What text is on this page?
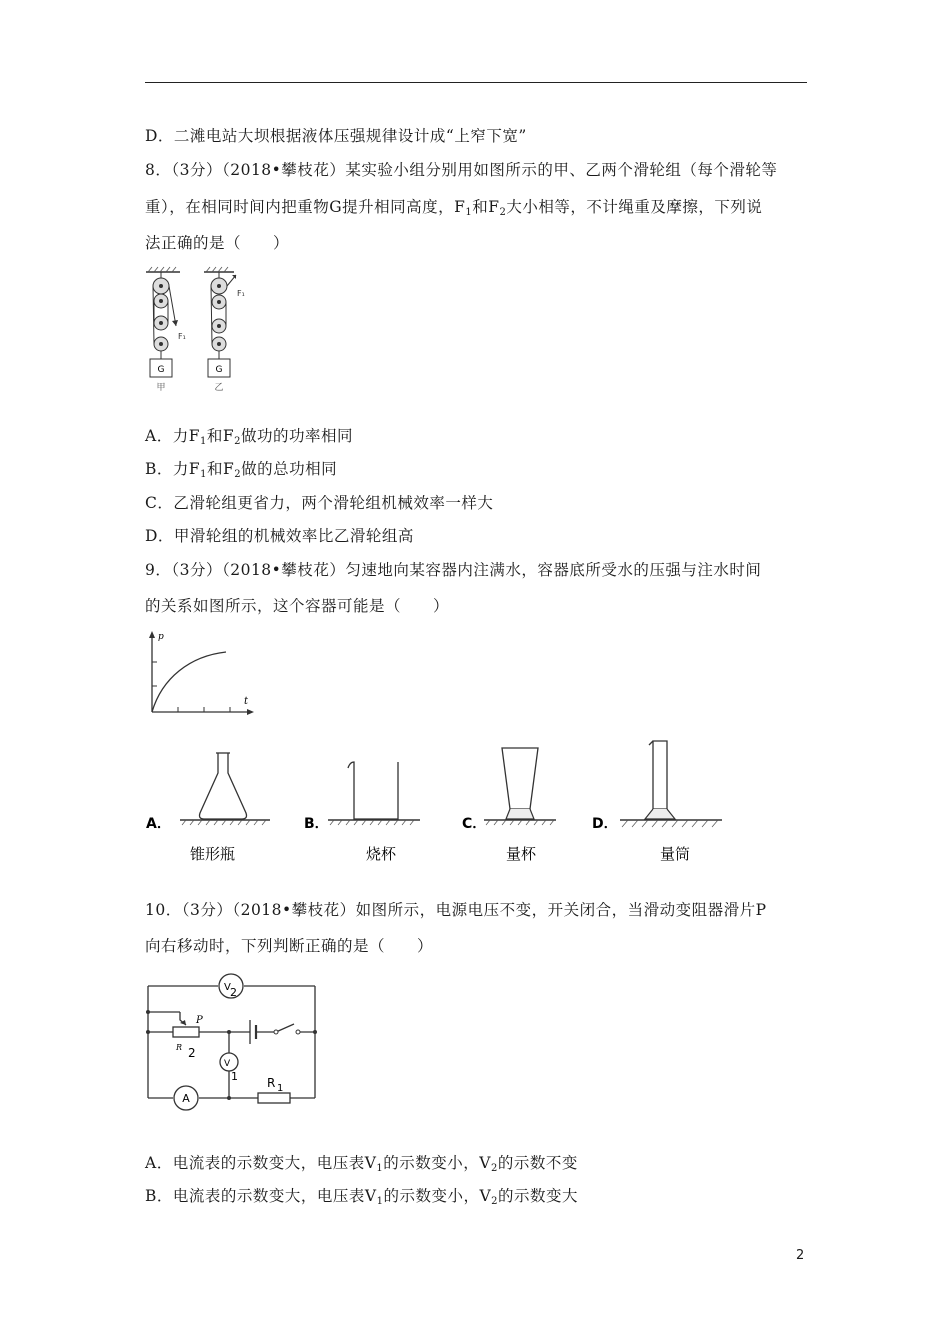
D．二滩电站大坝根据液体压强规律设计成“上窄下宽”
8．（3分）（2018•攀枝花）某实验小组分别用如图所示的甲、乙两个滑轮组（每个滑轮等
重），在相同时间内把重物G提升相同高度，$F_1$和$F_2$大小相等，不计绳重及摩擦，下列说
法正确的是（　　）
F₁
G
甲
F₁
G
乙
A．力$F_1$和$F_2$做功的功率相同
B．力$F_1$和$F_2$做的总功相同
C．乙滑轮组更省力，两个滑轮组机械效率一样大
D．甲滑轮组的机械效率比乙滑轮组高
9．（3分）（2018•攀枝花）匀速地向某容器内注满水，容器底所受水的压强与注水时间
的关系如图所示，这个容器可能是（　　）
p
t
A．
锥形瓶
B．
烧杯
C．
量杯
D．
量筒
10．（3分）（2018•攀枝花）如图所示，电源电压不变，开关闭合，当滑动变阻器滑片P
向右移动时，下列判断正确的是（　　）
V 2
V
1
A
P
R 2
R 1
A．电流表的示数变大，电压表$V_1$的示数变小，$V_2$的示数不变
B．电流表的示数变大，电压表$V_1$的示数变小，$V_2$的示数变大
2
